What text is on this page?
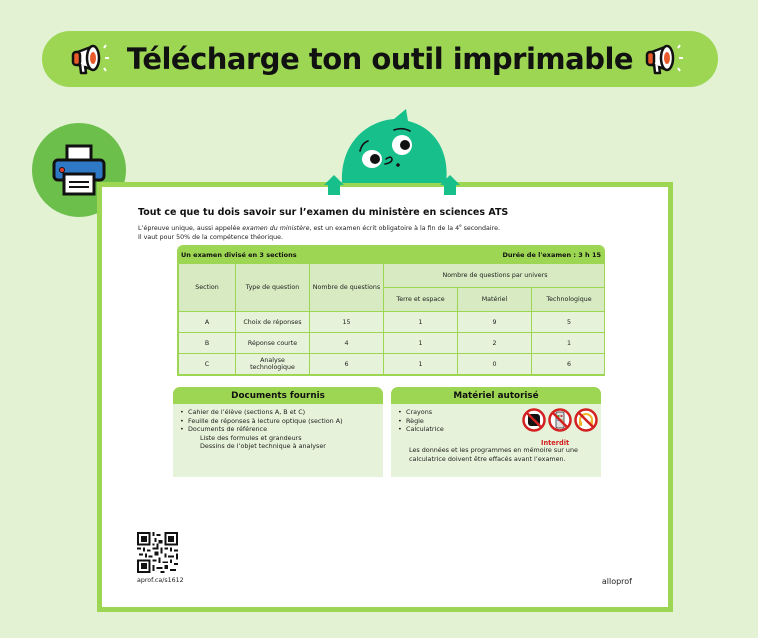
Télécharge ton outil imprimable
Tout ce que tu dois savoir sur l’examen du ministère en sciences ATS
L’épreuve unique, aussi appelée examen du ministère, est un examen écrit obligatoire à la fin de la 4e secondaire.
Il vaut pour 50% de la compétence théorique.
Un examen divisé en 3 sections	Durée de l'examen : 3 h 15
Section	Type de question	Nombre de questions	Nombre de questions par univers		
			Terre et espace	Matériel	Technologique
A	Choix de réponses	15	1	9	5
B	Réponse courte	4	1	2	1
C	Analyse technologique	6	1	0	6
Documents fournis
• Cahier de l’élève (sections A, B et C)
• Feuille de réponses à lecture optique (section A)
• Documents de référence
Liste des formules et grandeurs
Dessins de l’objet technique à analyser
Matériel autorisé
• Crayons
• Règle
• Calculatrice
Interdit
Les données et les programmes en mémoire sur une calculatrice doivent être effacés avant l’examen.
aprof.ca/s1612	alloprof
